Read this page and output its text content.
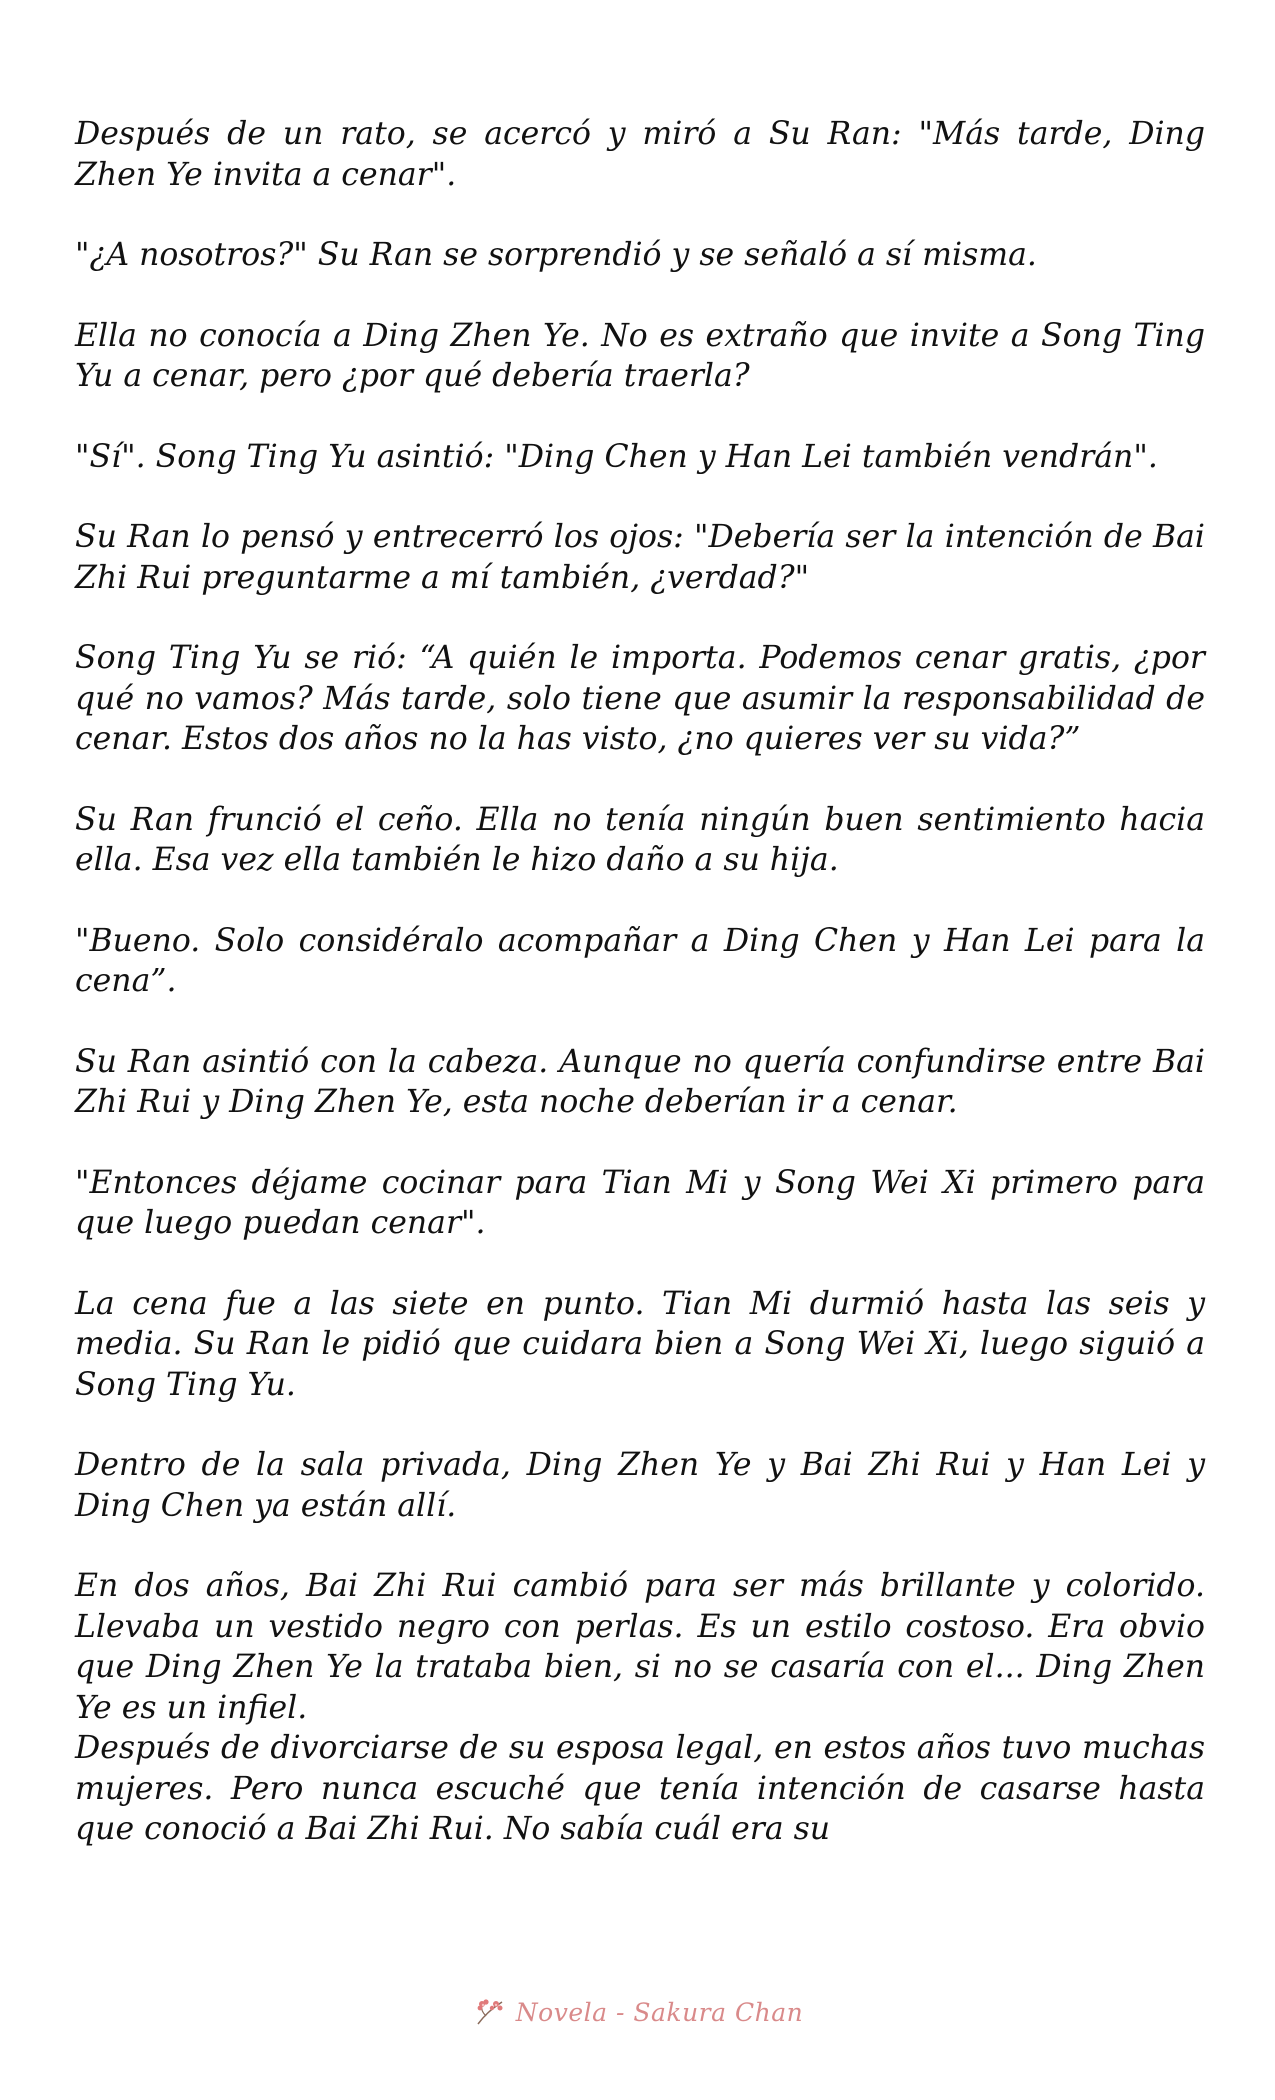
Después de un rato, se acercó y miró a Su Ran: "Más tarde, Ding Zhen Ye invita a cenar".

"¿A nosotros?" Su Ran se sorprendió y se señaló a sí misma.

Ella no conocía a Ding Zhen Ye. No es extraño que invite a Song Ting Yu a cenar, pero ¿por qué debería traerla?

"Sí". Song Ting Yu asintió: "Ding Chen y Han Lei también vendrán".

Su Ran lo pensó y entrecerró los ojos: "Debería ser la intención de Bai Zhi Rui preguntarme a mí también, ¿verdad?"

Song Ting Yu se rió: “A quién le importa. Podemos cenar gratis, ¿por qué no vamos? Más tarde, solo tiene que asumir la responsabilidad de cenar. Estos dos años no la has visto, ¿no quieres ver su vida?”

Su Ran frunció el ceño. Ella no tenía ningún buen sentimiento hacia ella. Esa vez ella también le hizo daño a su hija.

"Bueno. Solo considéralo acompañar a Ding Chen y Han Lei para la cena”.

Su Ran asintió con la cabeza. Aunque no quería confundirse entre Bai Zhi Rui y Ding Zhen Ye, esta noche deberían ir a cenar.

"Entonces déjame cocinar para Tian Mi y Song Wei Xi primero para que luego puedan cenar".

La cena fue a las siete en punto. Tian Mi durmió hasta las seis y media. Su Ran le pidió que cuidara bien a Song Wei Xi, luego siguió a Song Ting Yu.

Dentro de la sala privada, Ding Zhen Ye y Bai Zhi Rui y Han Lei y Ding Chen ya están allí.

En dos años, Bai Zhi Rui cambió para ser más brillante y colorido. Llevaba un vestido negro con perlas. Es un estilo costoso. Era obvio que Ding Zhen Ye la trataba bien, si no se casaría con el... Ding Zhen Ye es un infiel.

Después de divorciarse de su esposa legal, en estos años tuvo muchas mujeres. Pero nunca escuché que tenía intención de casarse hasta que conoció a Bai Zhi Rui. No sabía cuál era su

Novela - Sakura Chan
